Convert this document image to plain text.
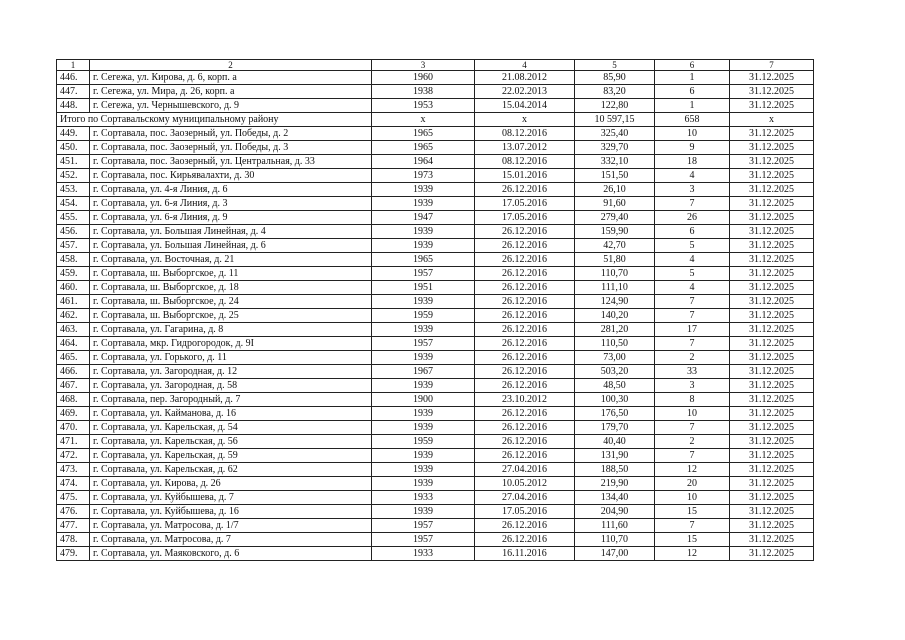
1	2	3	4	5	6	7
446.	г. Сегежа, ул. Кирова, д. 6, корп. а	1960	21.08.2012	85,90	1	31.12.2025
447.	г. Сегежа, ул. Мира, д. 26, корп. а	1938	22.02.2013	83,20	6	31.12.2025
448.	г. Сегежа, ул. Чернышевского, д. 9	1953	15.04.2014	122,80	1	31.12.2025
Итого по Сортавальскому муниципальному району		х	х	10 597,15	658	х
449.	г. Сортавала, пос. Заозерный, ул. Победы, д. 2	1965	08.12.2016	325,40	10	31.12.2025
450.	г. Сортавала, пос. Заозерный, ул. Победы, д. 3	1965	13.07.2012	329,70	9	31.12.2025
451.	г. Сортавала, пос. Заозерный, ул. Центральная, д. 33	1964	08.12.2016	332,10	18	31.12.2025
452.	г. Сортавала, пос. Кирьявалахти, д. 30	1973	15.01.2016	151,50	4	31.12.2025
453.	г. Сортавала, ул. 4-я Линия, д. 6	1939	26.12.2016	26,10	3	31.12.2025
454.	г. Сортавала, ул. 6-я Линия, д. 3	1939	17.05.2016	91,60	7	31.12.2025
455.	г. Сортавала, ул. 6-я Линия, д. 9	1947	17.05.2016	279,40	26	31.12.2025
456.	г. Сортавала, ул. Большая Линейная, д. 4	1939	26.12.2016	159,90	6	31.12.2025
457.	г. Сортавала, ул. Большая Линейная, д. 6	1939	26.12.2016	42,70	5	31.12.2025
458.	г. Сортавала, ул. Восточная, д. 21	1965	26.12.2016	51,80	4	31.12.2025
459.	г. Сортавала, ш. Выборгское, д. 11	1957	26.12.2016	110,70	5	31.12.2025
460.	г. Сортавала, ш. Выборгское, д. 18	1951	26.12.2016	111,10	4	31.12.2025
461.	г. Сортавала, ш. Выборгское, д. 24	1939	26.12.2016	124,90	7	31.12.2025
462.	г. Сортавала, ш. Выборгское, д. 25	1959	26.12.2016	140,20	7	31.12.2025
463.	г. Сортавала, ул. Гагарина, д. 8	1939	26.12.2016	281,20	17	31.12.2025
464.	г. Сортавала, мкр. Гидрогородок, д. 9І	1957	26.12.2016	110,50	7	31.12.2025
465.	г. Сортавала, ул. Горького, д. 11	1939	26.12.2016	73,00	2	31.12.2025
466.	г. Сортавала, ул. Загородная, д. 12	1967	26.12.2016	503,20	33	31.12.2025
467.	г. Сортавала, ул. Загородная, д. 58	1939	26.12.2016	48,50	3	31.12.2025
468.	г. Сортавала, пер. Загородный, д. 7	1900	23.10.2012	100,30	8	31.12.2025
469.	г. Сортавала, ул. Кайманова, д. 16	1939	26.12.2016	176,50	10	31.12.2025
470.	г. Сортавала, ул. Карельская, д. 54	1939	26.12.2016	179,70	7	31.12.2025
471.	г. Сортавала, ул. Карельская, д. 56	1959	26.12.2016	40,40	2	31.12.2025
472.	г. Сортавала, ул. Карельская, д. 59	1939	26.12.2016	131,90	7	31.12.2025
473.	г. Сортавала, ул. Карельская, д. 62	1939	27.04.2016	188,50	12	31.12.2025
474.	г. Сортавала, ул. Кирова, д. 26	1939	10.05.2012	219,90	20	31.12.2025
475.	г. Сортавала, ул. Куйбышева, д. 7	1933	27.04.2016	134,40	10	31.12.2025
476.	г. Сортавала, ул. Куйбышева, д. 16	1939	17.05.2016	204,90	15	31.12.2025
477.	г. Сортавала, ул. Матросова, д. 1/7	1957	26.12.2016	111,60	7	31.12.2025
478.	г. Сортавала, ул. Матросова, д. 7	1957	26.12.2016	110,70	15	31.12.2025
479.	г. Сортавала, ул. Маяковского, д. 6	1933	16.11.2016	147,00	12	31.12.2025
